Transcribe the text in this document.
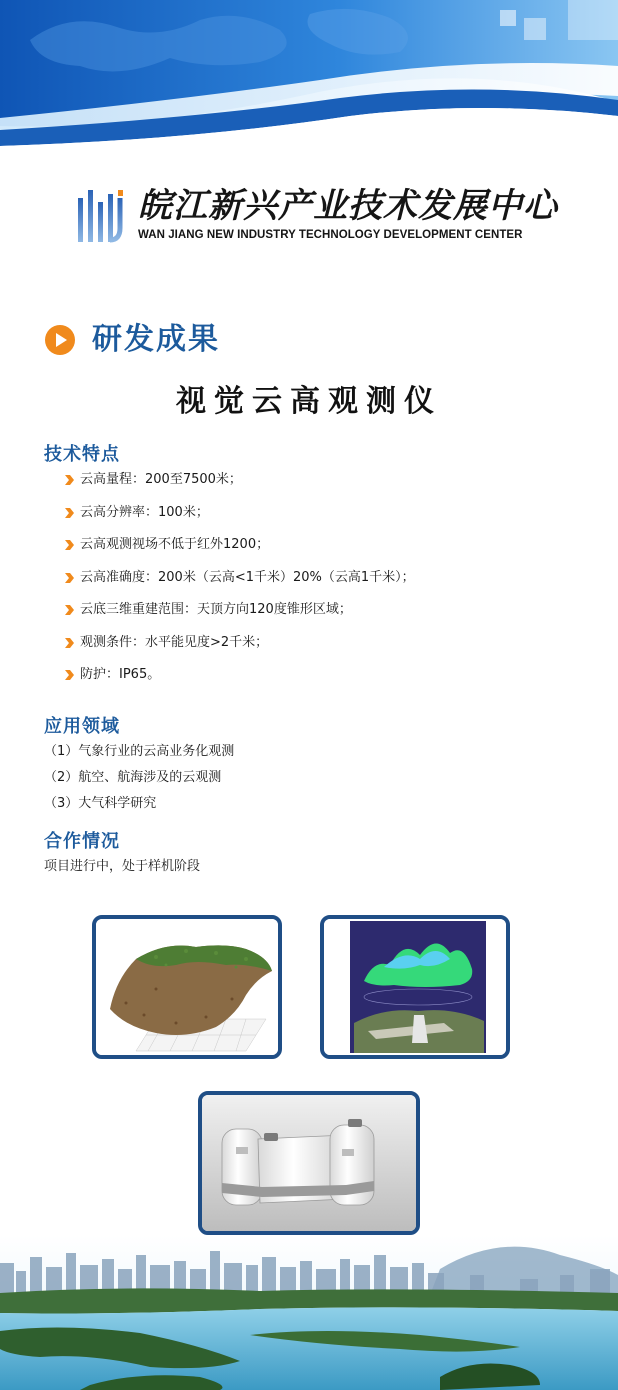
皖江新兴产业技术发展中心
WAN JIANG NEW INDUSTRY TECHNOLOGY DEVELOPMENT CENTER
研发成果
视觉云高观测仪
技术特点
云高量程：200至7500米；
云高分辨率：100米；
云高观测视场不低于红外1200；
云高准确度：200米（云高<1千米）20%（云高1千米）；
云底三维重建范围：天顶方向120度锥形区域；
观测条件：水平能见度>2千米；
防护：IP65。
应用领域
（1）气象行业的云高业务化观测
（2）航空、航海涉及的云观测
（3）大气科学研究
合作情况
项目进行中，处于样机阶段
